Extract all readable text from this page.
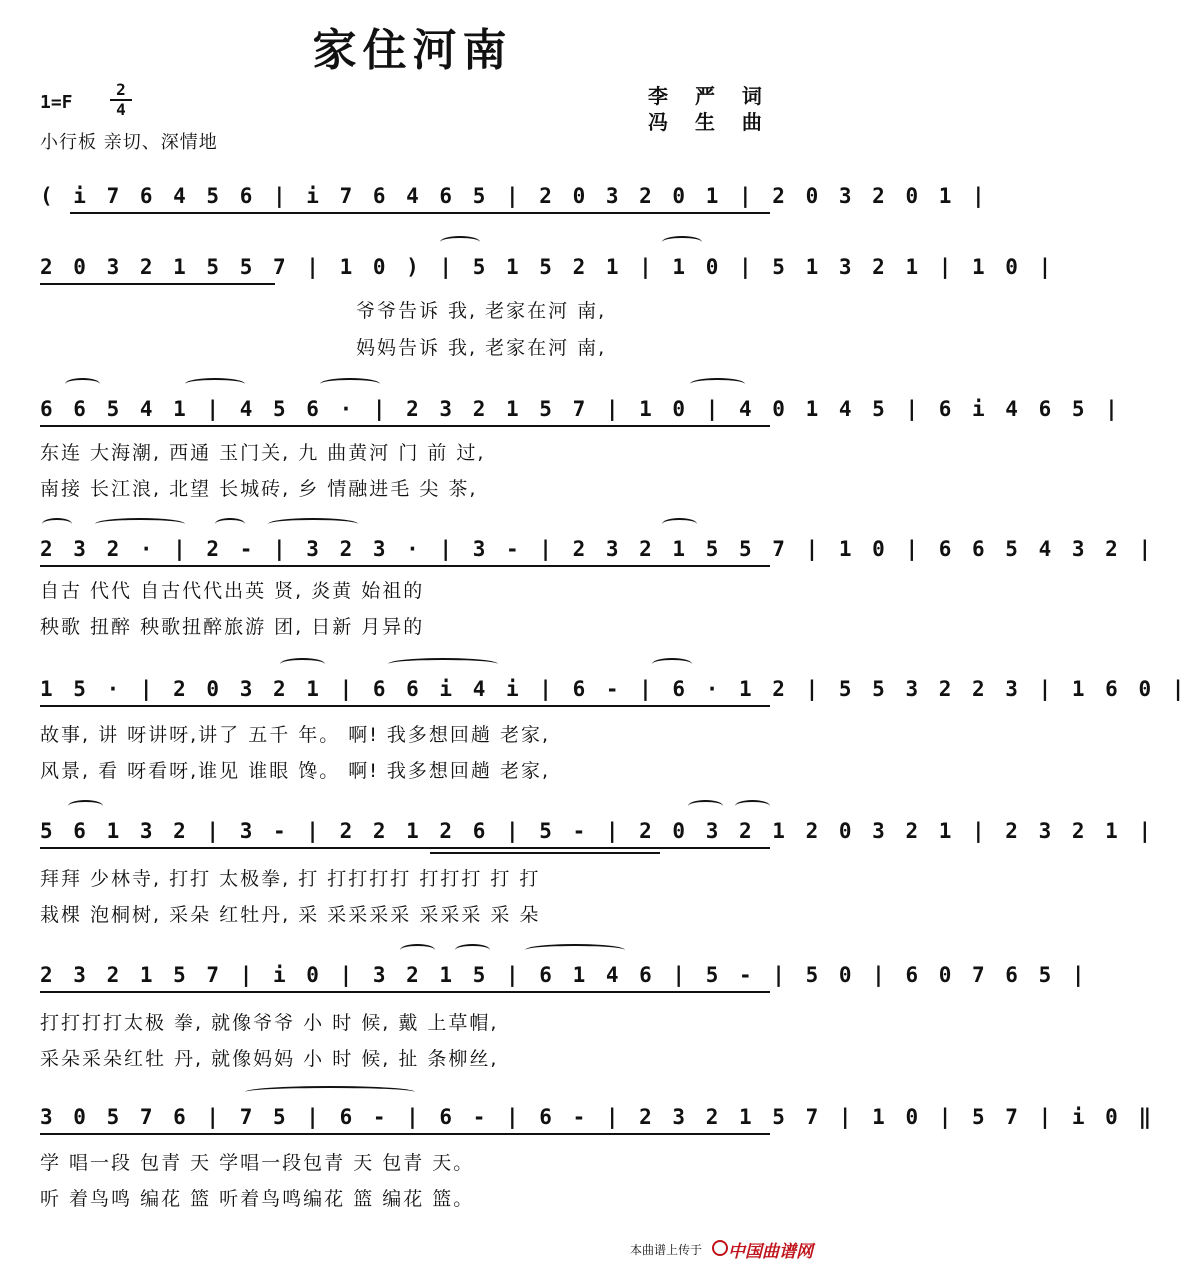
家住河南
1=F
2
4
小行板 亲切、深情地
李 严 词
冯 生 曲
( i 7 6 4 5 6 | i 7 6 4 6 5 | 2 0 3 2 0 1 | 2 0 3 2 0 1 |
2 0 3 2 1 5 5 7 | 1 0 ) | 5 1 5 2 1 | 1 0 | 5 1 3 2 1 | 1 0 |
爷爷告诉 我, 老家在河 南,
妈妈告诉 我, 老家在河 南,
6 6 5 4 1 | 4 5 6 · | 2 3 2 1 5 7 | 1 0 | 4 0 1 4 5 | 6 i 4 6 5 |
东连 大海潮, 西通 玉门关, 九 曲黄河 门 前 过,
南接 长江浪, 北望 长城砖, 乡 情融进毛 尖 茶,
2 3 2 · | 2 - | 3 2 3 · | 3 - | 2 3 2 1 5 5 7 | 1 0 | 6 6 5 4 3 2 |
自古 代代 自古代代出英 贤, 炎黄 始祖的
秧歌 扭醉 秧歌扭醉旅游 团, 日新 月异的
1 5 · | 2 0 3 2 1 | 6 6 i 4 i | 6 - | 6 · 1 2 | 5 5 3 2 2 3 | 1 6 0 |
故事, 讲 呀讲呀,讲了 五千 年。 啊! 我多想回趟 老家,
风景, 看 呀看呀,谁见 谁眼 馋。 啊! 我多想回趟 老家,
5 6 1 3 2 | 3 - | 2 2 1 2 6 | 5 - | 2 0 3 2 1 2 0 3 2 1 | 2 3 2 1 |
拜拜 少林寺, 打打 太极拳, 打 打打打打 打打打 打 打
栽棵 泡桐树, 采朵 红牡丹, 采 采采采采 采采采 采 朵
2 3 2 1 5 7 | i 0 | 3 2 1 5 | 6 1 4 6 | 5 - | 5 0 | 6 0 7 6 5 |
打打打打太极 拳, 就像爷爷 小 时 候, 戴 上草帽,
采朵采朵红牡 丹, 就像妈妈 小 时 候, 扯 条柳丝,
3 0 5 7 6 | 7 5 | 6 - | 6 - | 6 - | 2 3 2 1 5 7 | 1 0 | 5 7 | i 0 ‖
学 唱一段 包青 天 学唱一段包青 天 包青 天。
听 着鸟鸣 编花 篮 听着鸟鸣编花 篮 编花 篮。
本曲谱上传于 中国曲谱网
